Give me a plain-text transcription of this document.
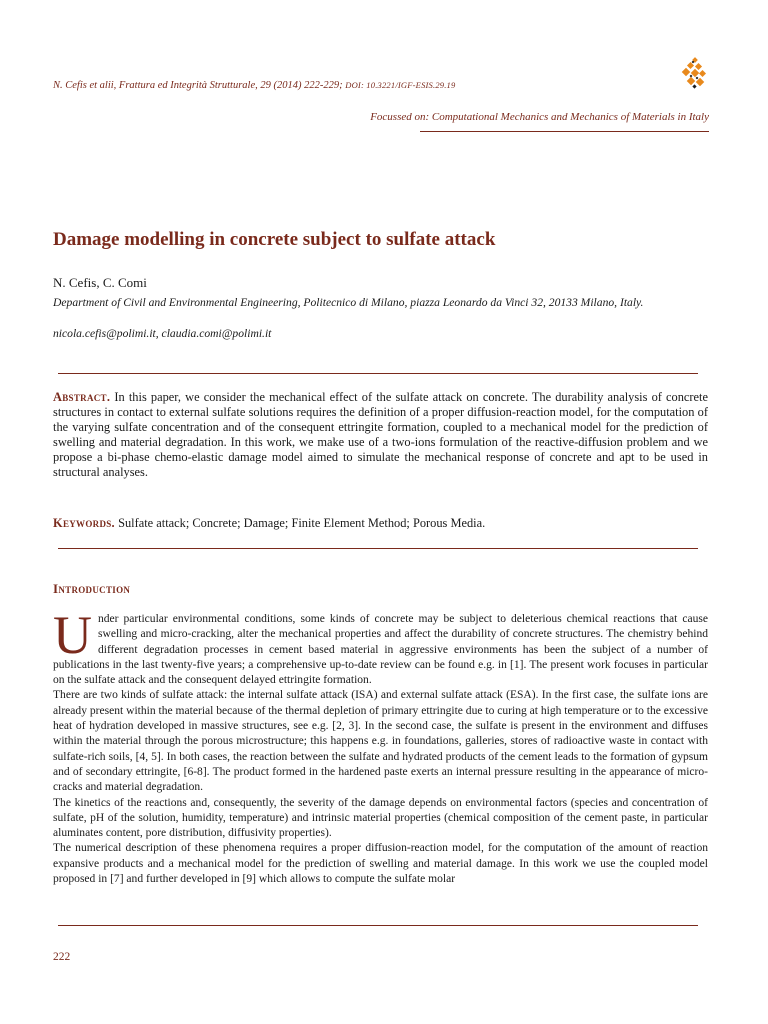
N. Cefis et alii, Frattura ed Integrità Strutturale, 29 (2014) 222-229; DOI: 10.3221/IGF-ESIS.29.19
Focussed on: Computational Mechanics and Mechanics of Materials in Italy
Damage modelling in concrete subject to sulfate attack
N. Cefis, C. Comi
Department of Civil and Environmental Engineering, Politecnico di Milano, piazza Leonardo da Vinci 32, 20133 Milano, Italy.
nicola.cefis@polimi.it, claudia.comi@polimi.it

Abstract. In this paper, we consider the mechanical effect of the sulfate attack on concrete. The durability analysis of concrete structures in contact to external sulfate solutions requires the definition of a proper diffusion-reaction model, for the computation of the varying sulfate concentration and of the consequent ettringite formation, coupled to a mechanical model for the prediction of swelling and material degradation. In this work, we make use of a two-ions formulation of the reactive-diffusion problem and we propose a bi-phase chemo-elastic damage model aimed to simulate the mechanical response of concrete and apt to be used in structural analyses.

Keywords. Sulfate attack; Concrete; Damage; Finite Element Method; Porous Media.

Introduction

Under particular environmental conditions, some kinds of concrete may be subject to deleterious chemical reactions that cause swelling and micro-cracking, alter the mechanical properties and affect the durability of concrete structures. The chemistry behind different degradation processes in cement based material in aggressive environments has been the subject of a number of publications in the last twenty-five years; a comprehensive up-to-date review can be found e.g. in [1]. The present work focuses in particular on the sulfate attack and the consequent delayed ettringite formation.

There are two kinds of sulfate attack: the internal sulfate attack (ISA) and external sulfate attack (ESA). In the first case, the sulfate ions are already present within the material because of the thermal depletion of primary ettringite due to curing at high temperature or to the excessive heat of hydration developed in massive structures, see e.g. [2, 3]. In the second case, the sulfate is present in the environment and diffuses within the material through the porous microstructure; this happens e.g. in foundations, galleries, stores of radioactive waste in contact with sulfate-rich soils, [4, 5]. In both cases, the reaction between the sulfate and hydrated products of the cement leads to the formation of gypsum and of secondary ettringite, [6-8]. The product formed in the hardened paste exerts an internal pressure resulting in the appearance of micro-cracks and material degradation.

The kinetics of the reactions and, consequently, the severity of the damage depends on environmental factors (species and concentration of sulfate, pH of the solution, humidity, temperature) and intrinsic material properties (chemical composition of the cement paste, in particular aluminates content, pore distribution, diffusivity properties).

The numerical description of these phenomena requires a proper diffusion-reaction model, for the computation of the amount of reaction expansive products and a mechanical model for the prediction of swelling and material damage. In this work we use the coupled model proposed in [7] and further developed in [9] which allows to compute the sulfate molar

222
